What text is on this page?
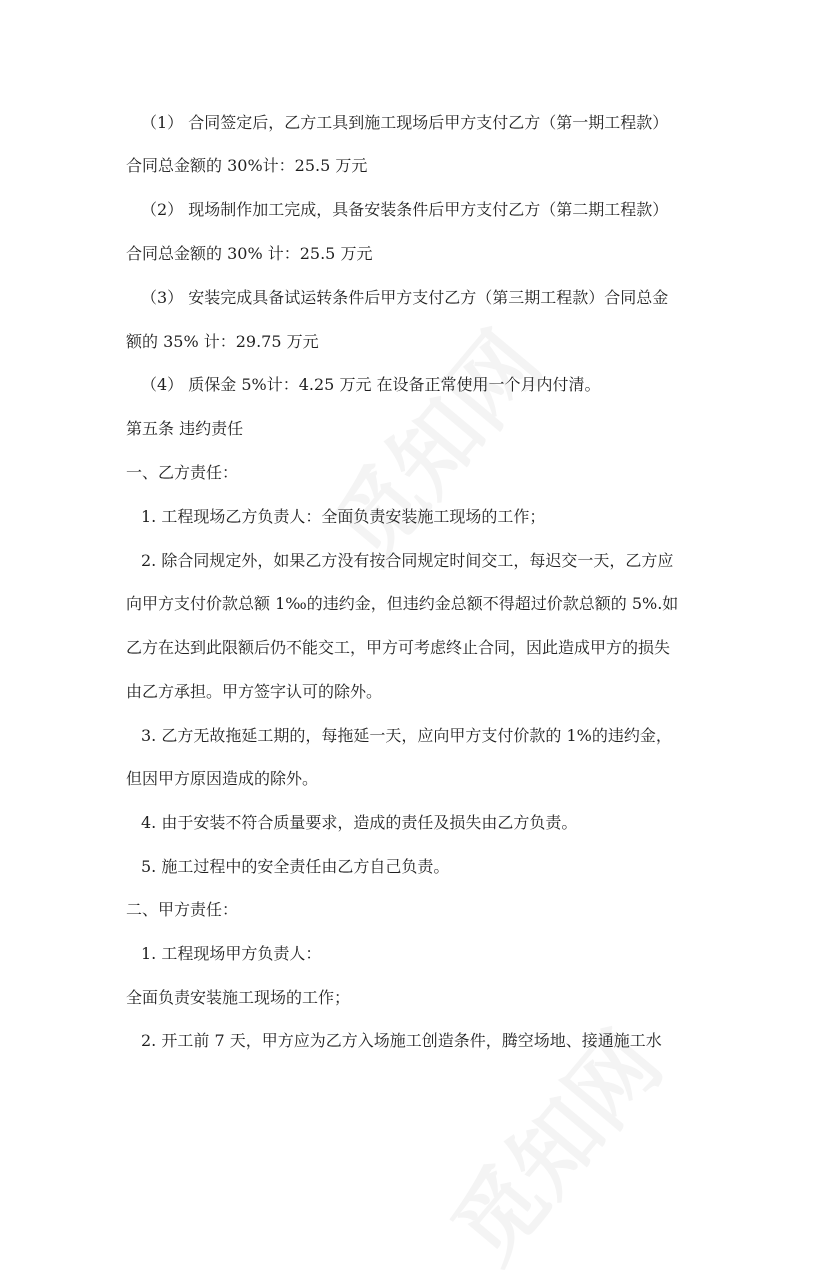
（1） 合同签定后，乙方工具到施工现场后甲方支付乙方（第一期工程款）
合同总金额的 30%计：25.5 万元
（2） 现场制作加工完成，具备安装条件后甲方支付乙方（第二期工程款）
合同总金额的 30% 计：25.5 万元
（3） 安装完成具备试运转条件后甲方支付乙方（第三期工程款）合同总金
额的 35% 计：29.75 万元
（4） 质保金 5%计：4.25 万元 在设备正常使用一个月内付清。
第五条 违约责任
一、乙方责任：
1. 工程现场乙方负责人：全面负责安装施工现场的工作；
2. 除合同规定外，如果乙方没有按合同规定时间交工，每迟交一天，乙方应
向甲方支付价款总额 1‰的违约金，但违约金总额不得超过价款总额的 5%.如
乙方在达到此限额后仍不能交工，甲方可考虑终止合同，因此造成甲方的损失
由乙方承担。甲方签字认可的除外。
3. 乙方无故拖延工期的，每拖延一天，应向甲方支付价款的 1%的违约金，
但因甲方原因造成的除外。
4. 由于安装不符合质量要求，造成的责任及损失由乙方负责。
5. 施工过程中的安全责任由乙方自己负责。
二、甲方责任：
1. 工程现场甲方负责人：
全面负责安装施工现场的工作；
2. 开工前 7 天，甲方应为乙方入场施工创造条件，腾空场地、接通施工水
